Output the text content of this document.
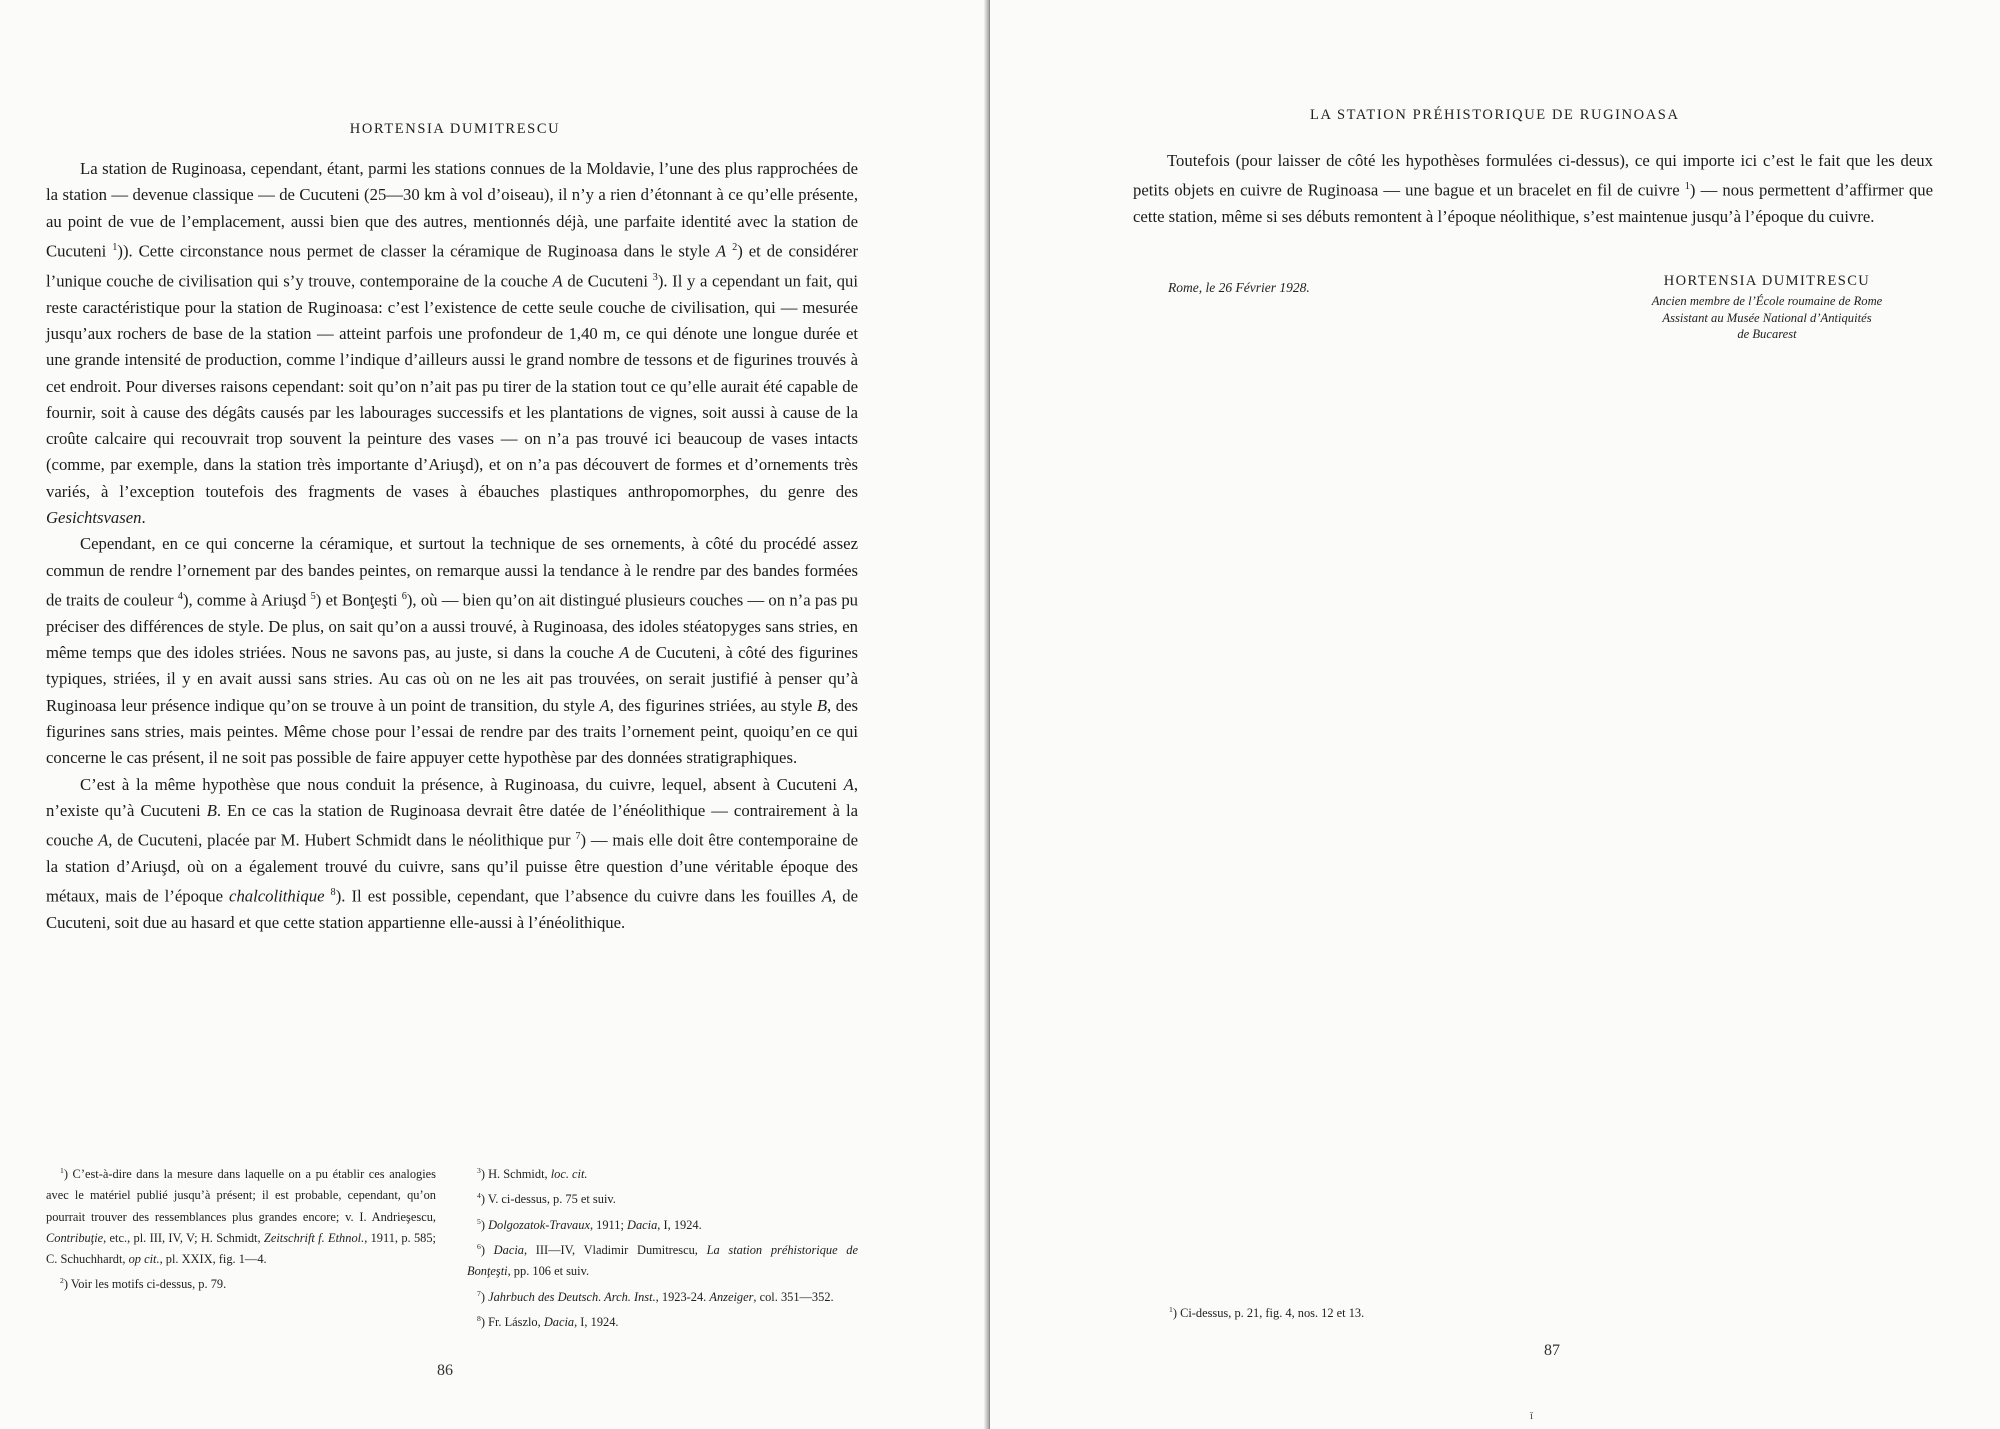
HORTENSIA DUMITRESCU

La station de Ruginoasa, cependant, étant, parmi les stations connues de la Moldavie, l’une des plus rapprochées de la station — devenue classique — de Cucuteni (25—30 km à vol d’oiseau), il n’y a rien d’étonnant à ce qu’elle présente, au point de vue de l’emplacement, aussi bien que des autres, mentionnés déjà, une parfaite identité avec la station de Cucuteni $^1$)). Cette circonstance nous permet de classer la céramique de Ruginoasa dans le style A $^2$) et de considérer l’unique couche de civilisation qui s’y trouve, contemporaine de la couche A de Cucuteni $^3$). Il y a cependant un fait, qui reste caractéristique pour la station de Ruginoasa: c’est l’existence de cette seule couche de civilisation, qui — mesurée jusqu’aux rochers de base de la station — atteint parfois une profondeur de 1,40 m, ce qui dénote une longue durée et une grande intensité de production, comme l’indique d’ailleurs aussi le grand nombre de tessons et de figurines trouvés à cet endroit. Pour diverses raisons cependant: soit qu’on n’ait pas pu tirer de la station tout ce qu’elle aurait été capable de fournir, soit à cause des dégâts causés par les labourages successifs et les plantations de vignes, soit aussi à cause de la croûte calcaire qui recouvrait trop souvent la peinture des vases — on n’a pas trouvé ici beaucoup de vases intacts (comme, par exemple, dans la station très importante d’Ariuşd), et on n’a pas découvert de formes et d’ornements très variés, à l’exception toutefois des fragments de vases à ébauches plastiques anthropomorphes, du genre des Gesichtsvasen.

Cependant, en ce qui concerne la céramique, et surtout la technique de ses ornements, à côté du procédé assez commun de rendre l’ornement par des bandes peintes, on remarque aussi la tendance à le rendre par des bandes formées de traits de couleur $^4$), comme à Ariuşd $^5$) et Bonţeşti $^6$), où — bien qu’on ait distingué plusieurs couches — on n’a pas pu préciser des différences de style. De plus, on sait qu’on a aussi trouvé, à Ruginoasa, des idoles stéatopyges sans stries, en même temps que des idoles striées. Nous ne savons pas, au juste, si dans la couche A de Cucuteni, à côté des figurines typiques, striées, il y en avait aussi sans stries. Au cas où on ne les ait pas trouvées, on serait justifié à penser qu’à Ruginoasa leur présence indique qu’on se trouve à un point de transition, du style A, des figurines striées, au style B, des figurines sans stries, mais peintes. Même chose pour l’essai de rendre par des traits l’ornement peint, quoiqu’en ce qui concerne le cas présent, il ne soit pas possible de faire appuyer cette hypothèse par des données stratigraphiques.

C’est à la même hypothèse que nous conduit la présence, à Ruginoasa, du cuivre, lequel, absent à Cucuteni A, n’existe qu’à Cucuteni B. En ce cas la station de Ruginoasa devrait être datée de l’énéolithique — contrairement à la couche A, de Cucuteni, placée par M. Hubert Schmidt dans le néolithique pur $^7$) — mais elle doit être contemporaine de la station d’Ariuşd, où on a également trouvé du cuivre, sans qu’il puisse être question d’une véritable époque des métaux, mais de l’époque chalcolithique $^8$). Il est possible, cependant, que l’absence du cuivre dans les fouilles A, de Cucuteni, soit due au hasard et que cette station appartienne elle-aussi à l’énéolithique.

$^1$) C’est-à-dire dans la mesure dans laquelle on a pu établir ces analogies avec le matériel publié jusqu’à présent; il est probable, cependant, qu’on pourrait trouver des ressemblances plus grandes encore; v. I. Andrieşescu, Contribuţie, etc., pl. III, IV, V; H. Schmidt, Zeitschrift f. Ethnol., 1911, p. 585; C. Schuchhardt, op cit., pl. XXIX, fig. 1—4.

$^2$) Voir les motifs ci-dessus, p. 79.

$^3$) H. Schmidt, loc. cit.

$^4$) V. ci-dessus, p. 75 et suiv.

$^5$) Dolgozatok-Travaux, 1911; Dacia, I, 1924.

$^6$) Dacia, III—IV, Vladimir Dumitrescu, La station préhistorique de Bonţeşti, pp. 106 et suiv.

$^7$) Jahrbuch des Deutsch. Arch. Inst., 1923-24. Anzeiger, col. 351—352.

$^8$) Fr. Lászlo, Dacia, I, 1924.

86
LA STATION PRÉHISTORIQUE DE RUGINOASA

Toutefois (pour laisser de côté les hypothèses formulées ci-dessus), ce qui importe ici c’est le fait que les deux petits objets en cuivre de Ruginoasa — une bague et un bracelet en fil de cuivre $^1$) — nous permettent d’affirmer que cette station, même si ses débuts remontent à l’époque néolithique, s’est maintenue jusqu’à l’époque du cuivre.

Rome, le 26 Février 1928.	HORTENSIA DUMITRESCU
Ancien membre de l’École roumaine de Rome
Assistant au Musée National d’Antiquités
de Bucarest

$^1$) Ci-dessus, p. 21, fig. 4, nos. 12 et 13.

87
ǐ
